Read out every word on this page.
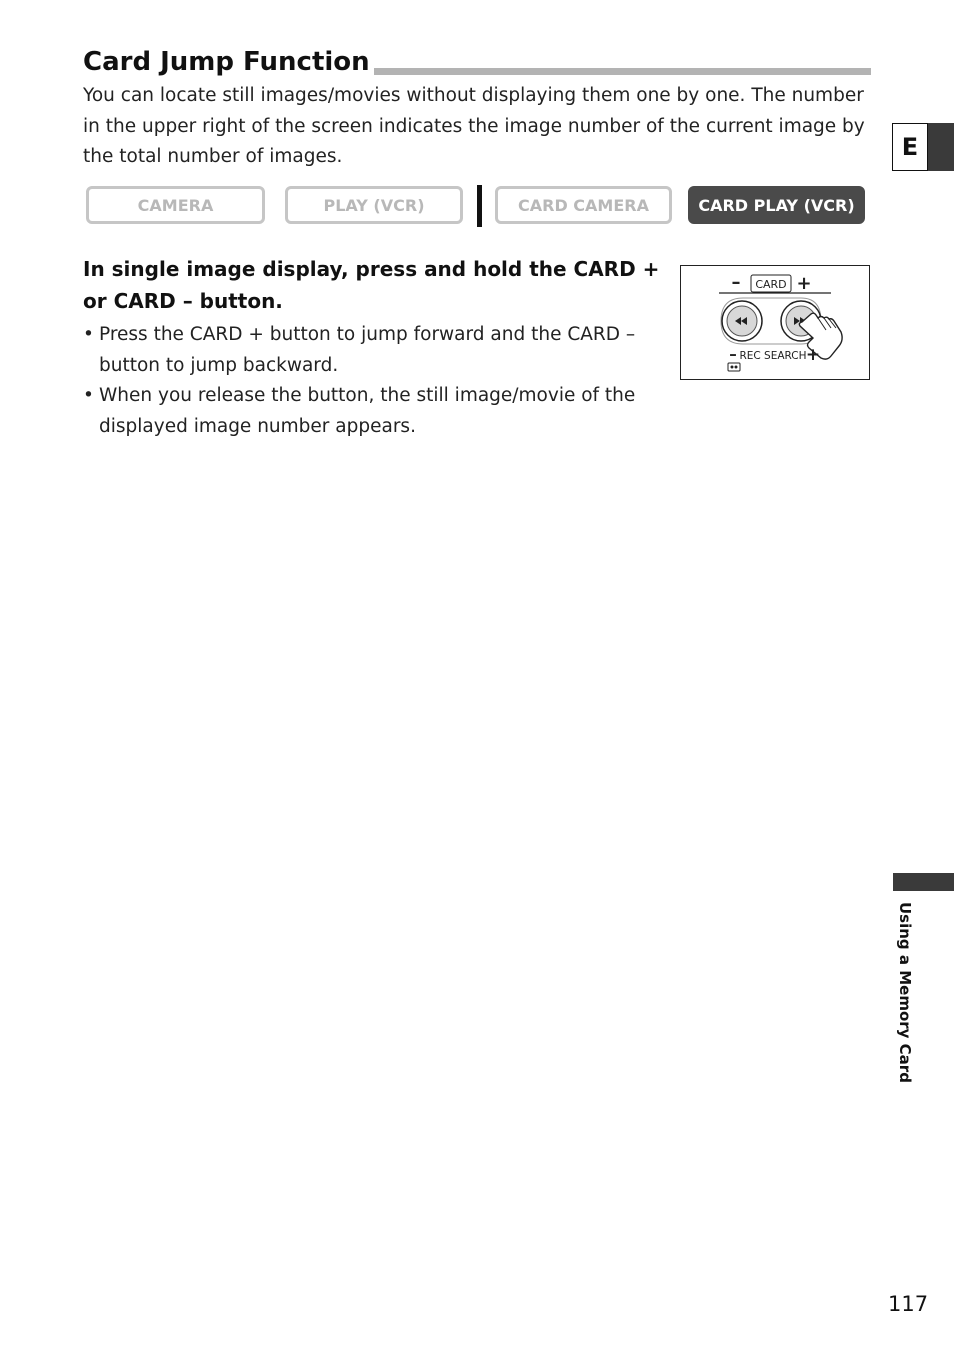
Card Jump Function

You can locate still images/movies without displaying them one by one. The number in the upper right of the screen indicates the image number of the current image by the total number of images.

CAMERA	PLAY (VCR)	CARD CAMERA	CARD PLAY (VCR)

In single image display, press and hold the CARD + or CARD – button.

• Press the CARD + button to jump forward and the CARD – button to jump backward.
• When you release the button, the still image/movie of the displayed image number appears.
– CARD +
– REC SEARCH +
E
Using a Memory Card
117
